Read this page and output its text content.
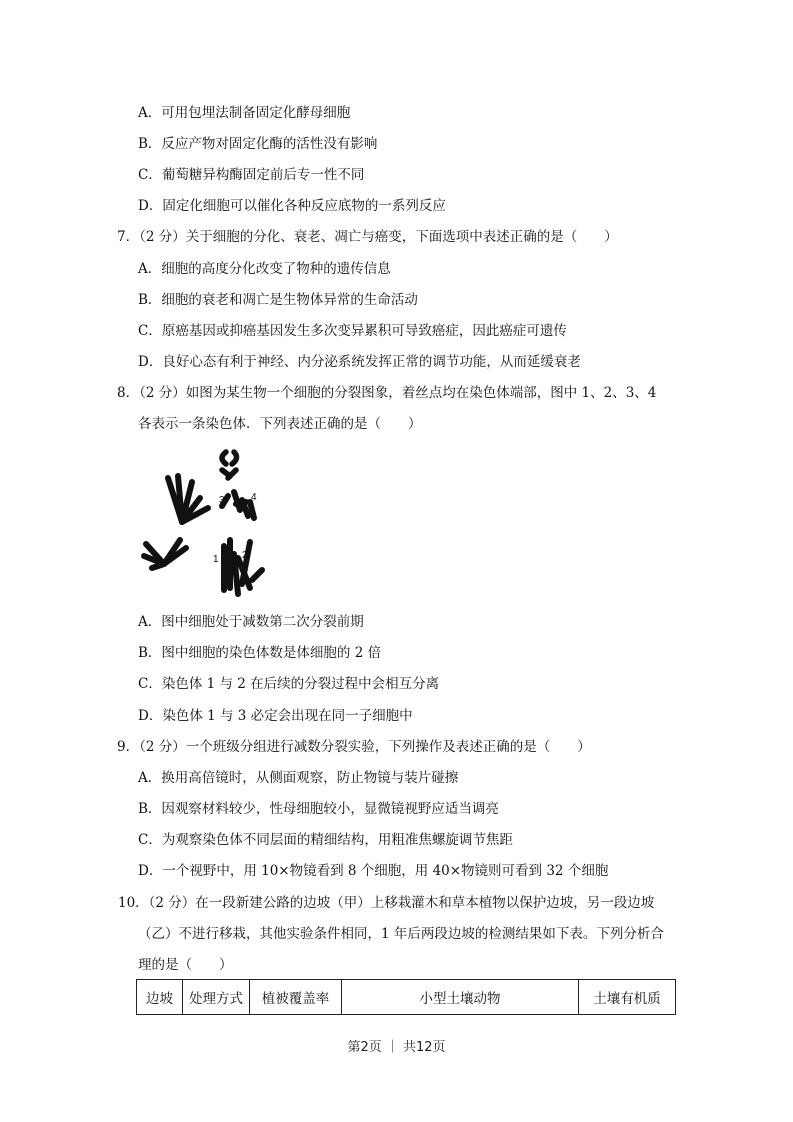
A．可用包埋法制备固定化酵母细胞
B．反应产物对固定化酶的活性没有影响
C．葡萄糖异构酶固定前后专一性不同
D．固定化细胞可以催化各种反应底物的一系列反应
7．（2 分）关于细胞的分化、衰老、凋亡与癌变，下面选项中表述正确的是（　　）
A．细胞的高度分化改变了物种的遗传信息
B．细胞的衰老和凋亡是生物体异常的生命活动
C．原癌基因或抑癌基因发生多次变异累积可导致癌症，因此癌症可遗传
D．良好心态有利于神经、内分泌系统发挥正常的调节功能，从而延缓衰老
8．（2 分）如图为某生物一个细胞的分裂图象，着丝点均在染色体端部，图中 1、2、3、4
各表示一条染色体．下列表述正确的是（　　）
3	4
1 2
A．图中细胞处于减数第二次分裂前期
B．图中细胞的染色体数是体细胞的 2 倍
C．染色体 1 与 2 在后续的分裂过程中会相互分离
D．染色体 1 与 3 必定会出现在同一子细胞中
9．（2 分）一个班级分组进行减数分裂实验，下列操作及表述正确的是（　　）
A．换用高倍镜时，从侧面观察，防止物镜与装片碰擦
B．因观察材料较少，性母细胞较小，显微镜视野应适当调亮
C．为观察染色体不同层面的精细结构，用粗准焦螺旋调节焦距
D．一个视野中，用 10×物镜看到 8 个细胞，用 40×物镜则可看到 32 个细胞
10．（2 分）在一段新建公路的边坡（甲）上移栽灌木和草本植物以保护边坡，另一段边坡
（乙）不进行移栽，其他实验条件相同，1 年后两段边坡的检测结果如下表。下列分析合
理的是（　　）
边坡	处理方式	植被覆盖率	小型土壤动物	土壤有机质
第2页 ｜ 共12页
